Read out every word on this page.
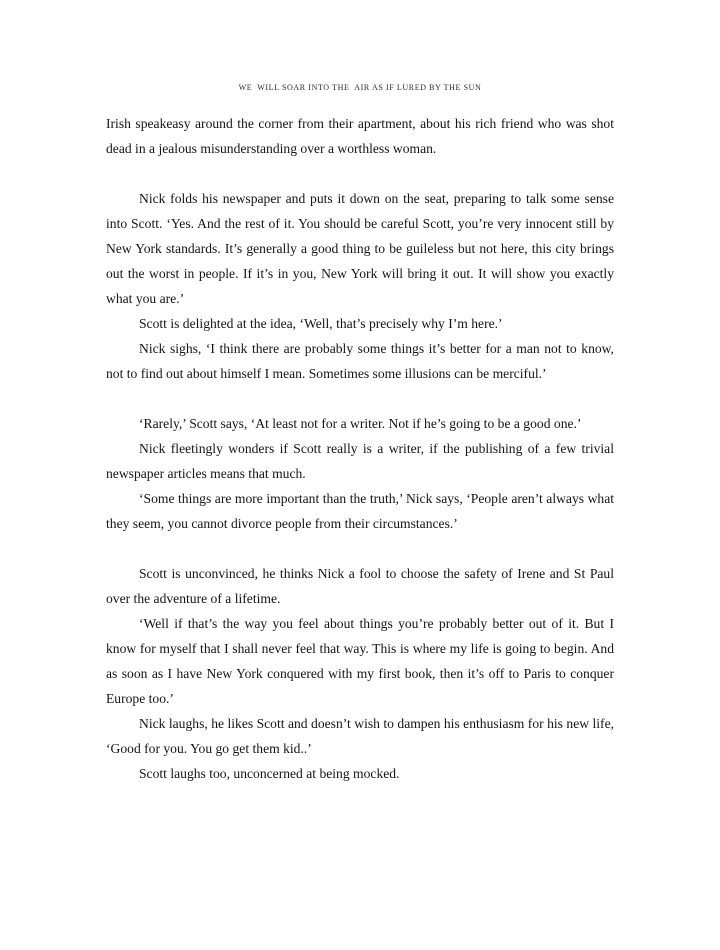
WE  WILL SOAR INTO THE  AIR AS IF LURED BY THE SUN

Irish speakeasy around the corner from their apartment, about his rich friend who was shot dead in a jealous misunderstanding over a worthless woman.

Nick folds his newspaper and puts it down on the seat, preparing to talk some sense into Scott. ‘Yes. And the rest of it. You should be careful Scott, you’re very innocent still by New York standards. It’s generally a good thing to be guileless but not here, this city brings out the worst in people. If it’s in you, New York will bring it out. It will show you exactly what you are.’

Scott is delighted at the idea, ‘Well, that’s precisely why I’m here.’

Nick sighs, ‘I think there are probably some things it’s better for a man not to know, not to find out about himself I mean. Sometimes some illusions can be merciful.’

‘Rarely,’ Scott says, ‘At least not for a writer. Not if he’s going to be a good one.’

Nick fleetingly wonders if Scott really is a writer, if the publishing of a few trivial newspaper articles means that much.

‘Some things are more important than the truth,’ Nick says, ‘People aren’t always what they seem, you cannot divorce people from their circumstances.’

Scott is unconvinced, he thinks Nick a fool to choose the safety of Irene and St Paul over the adventure of a lifetime.

‘Well if that’s the way you feel about things you’re probably better out of it. But I know for myself that I shall never feel that way. This is where my life is going to begin. And as soon as I have New York conquered with my first book, then it’s off to Paris to conquer Europe too.’

Nick laughs, he likes Scott and doesn’t wish to dampen his enthusiasm for his new life, ‘Good for you. You go get them kid..’

Scott laughs too, unconcerned at being mocked.
